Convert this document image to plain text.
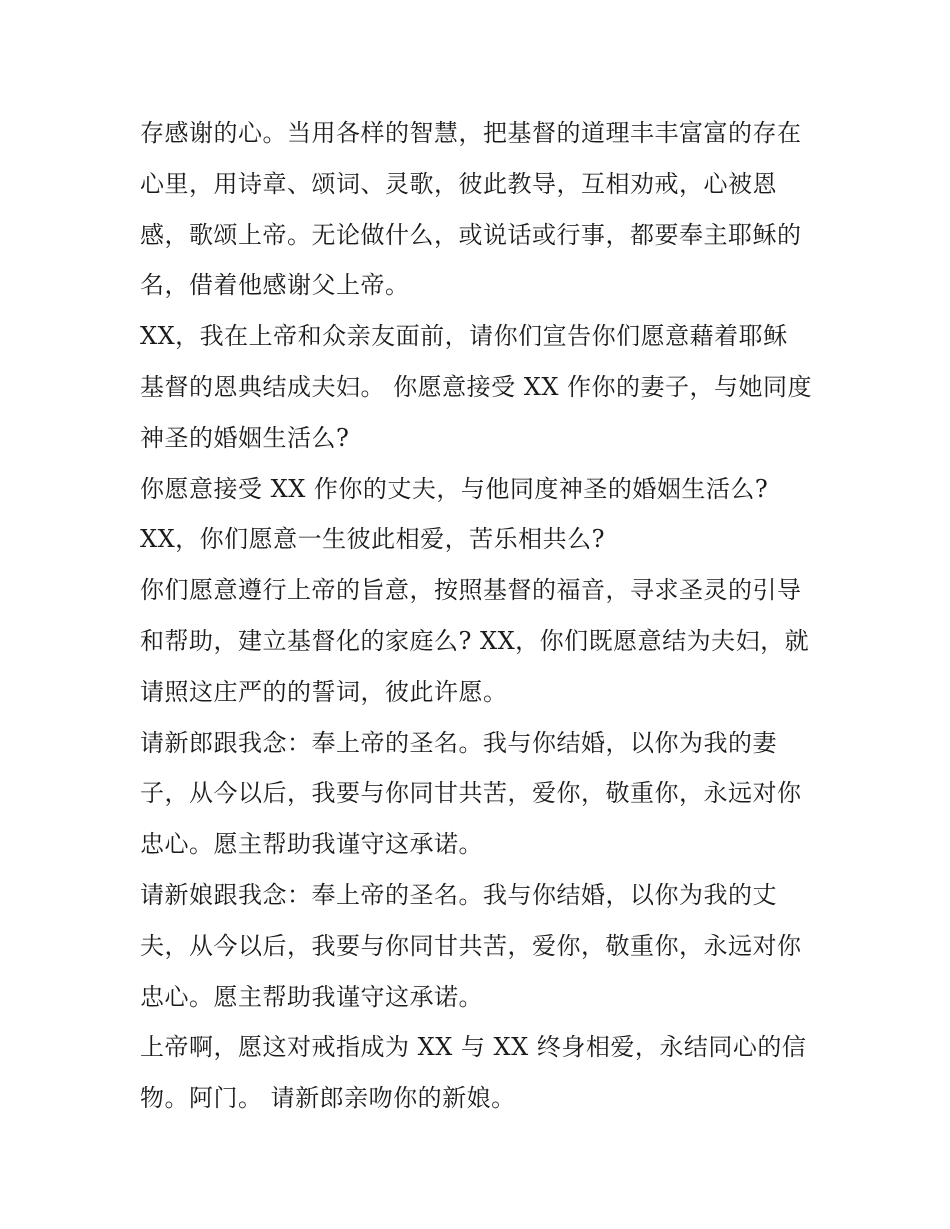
存感谢的心。当用各样的智慧，把基督的道理丰丰富富的存在
心里，用诗章、颂词、灵歌，彼此教导，互相劝戒，心被恩
感，歌颂上帝。无论做什么，或说话或行事，都要奉主耶稣的
名，借着他感谢父上帝。
XX，我在上帝和众亲友面前，请你们宣告你们愿意藉着耶稣
基督的恩典结成夫妇。 你愿意接受 XX 作你的妻子，与她同度
神圣的婚姻生活么?
你愿意接受 XX 作你的丈夫，与他同度神圣的婚姻生活么?
XX，你们愿意一生彼此相爱，苦乐相共么?
你们愿意遵行上帝的旨意，按照基督的福音，寻求圣灵的引导
和帮助，建立基督化的家庭么? XX，你们既愿意结为夫妇，就
请照这庄严的的誓词，彼此许愿。
请新郎跟我念：奉上帝的圣名。我与你结婚，以你为我的妻
子，从今以后，我要与你同甘共苦，爱你，敬重你，永远对你
忠心。愿主帮助我谨守这承诺。
请新娘跟我念：奉上帝的圣名。我与你结婚，以你为我的丈
夫，从今以后，我要与你同甘共苦，爱你，敬重你，永远对你
忠心。愿主帮助我谨守这承诺。
上帝啊，愿这对戒指成为 XX 与 XX 终身相爱，永结同心的信
物。阿门。 请新郎亲吻你的新娘。
